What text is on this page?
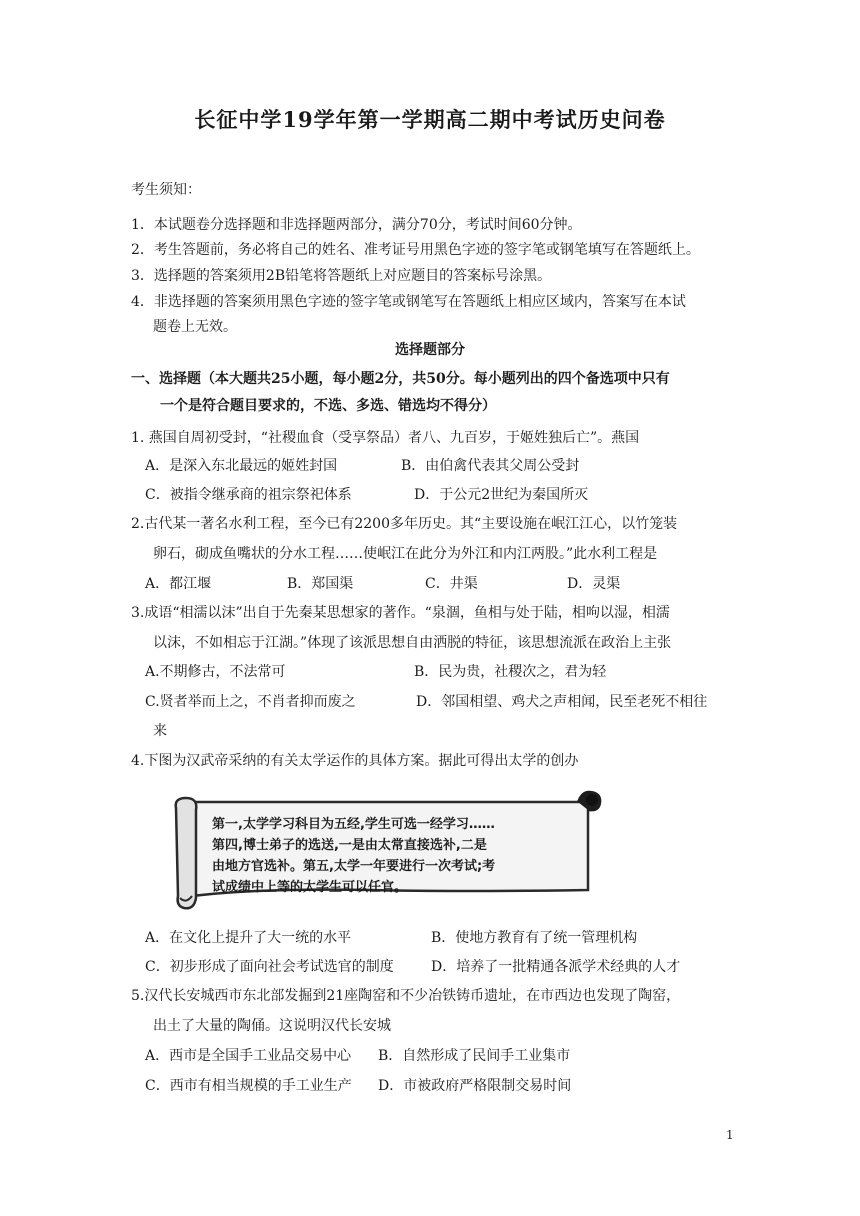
长征中学19学年第一学期高二期中考试历史问卷

考生须知：

1．本试题卷分选择题和非选择题两部分，满分70分，考试时间60分钟。

2．考生答题前，务必将自己的姓名、准考证号用黑色字迹的签字笔或钢笔填写在答题纸上。

3．选择题的答案须用2B铅笔将答题纸上对应题目的答案标号涂黑。

4．非选择题的答案须用黑色字迹的签字笔或钢笔写在答题纸上相应区域内，答案写在本试

题卷上无效。

选择题部分

一、选择题（本大题共25小题，每小题2分，共50分。每小题列出的四个备选项中只有

一个是符合题目要求的，不选、多选、错选均不得分）

1. 燕国自周初受封，“社稷血食（受享祭品）者八、九百岁，于姬姓独后亡”。燕国

A．是深入东北最远的姬姓封国	B．由伯禽代表其父周公受封

C．被指令继承商的祖宗祭祀体系	D．于公元2世纪为秦国所灭

2.古代某一著名水利工程，至今已有2200多年历史。其“主要设施在岷江江心，以竹笼装

卵石，砌成鱼嘴状的分水工程……使岷江在此分为外江和内江两股。”此水利工程是

A．都江堰	B．郑国渠	C．井渠	D．灵渠

3.成语“相濡以沫”出自于先秦某思想家的著作。“泉涸，鱼相与处于陆，相呴以湿，相濡

以沫，不如相忘于江湖。”体现了该派思想自由洒脱的特征，该思想流派在政治上主张

A.不期修古，不法常可	B．民为贵，社稷次之，君为轻

C.贤者举而上之，不肖者抑而废之	D．邻国相望、鸡犬之声相闻，民至老死不相往

来

4.下图为汉武帝采纳的有关太学运作的具体方案。据此可得出太学的创办

第一,太学学习科目为五经,学生可选一经学习……
第四,博士弟子的选送,一是由太常直接选补,二是
由地方官选补。第五,太学一年要进行一次考试;考
试成绩中上等的太学生可以任官。

A．在文化上提升了大一统的水平	B．使地方教育有了统一管理机构

C．初步形成了面向社会考试选官的制度	D．培养了一批精通各派学术经典的人才

5.汉代长安城西市东北部发掘到21座陶窑和不少冶铁铸币遗址，在市西边也发现了陶窑，

出土了大量的陶俑。这说明汉代长安城

A．西市是全国手工业品交易中心 B．自然形成了民间手工业集市

C．西市有相当规模的手工业生产 D．市被政府严格限制交易时间

1
